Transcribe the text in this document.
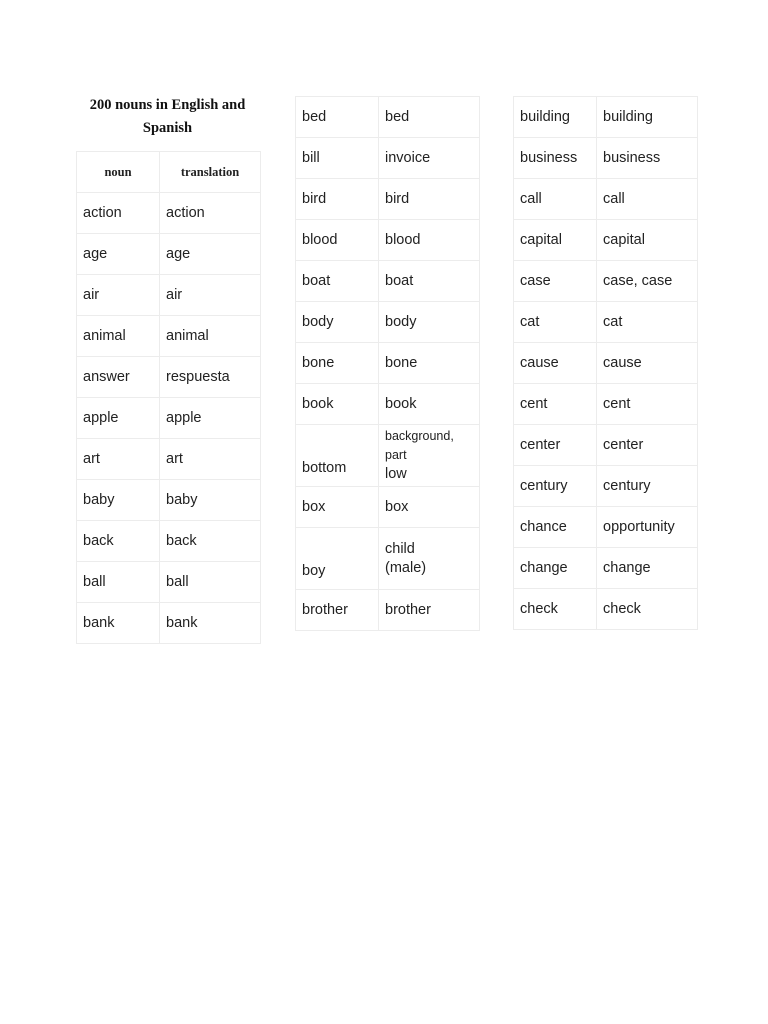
200 nouns in English and Spanish
noun	translation
action	action
age	age
air	air
animal	animal
answer	respuesta
apple	apple
art	art
baby	baby
back	back
ball	ball
bank	bank
bed	bed
bill	invoice
bird	bird
blood	blood
boat	boat
body	body
bone	bone
book	book
bottom	background, part
low
box	box
boy	child
(male)
brother	brother
building	building
business	business
call	call
capital	capital
case	case, case
cat	cat
cause	cause
cent	cent
center	center
century	century
chance	opportunity
change	change
check	check
